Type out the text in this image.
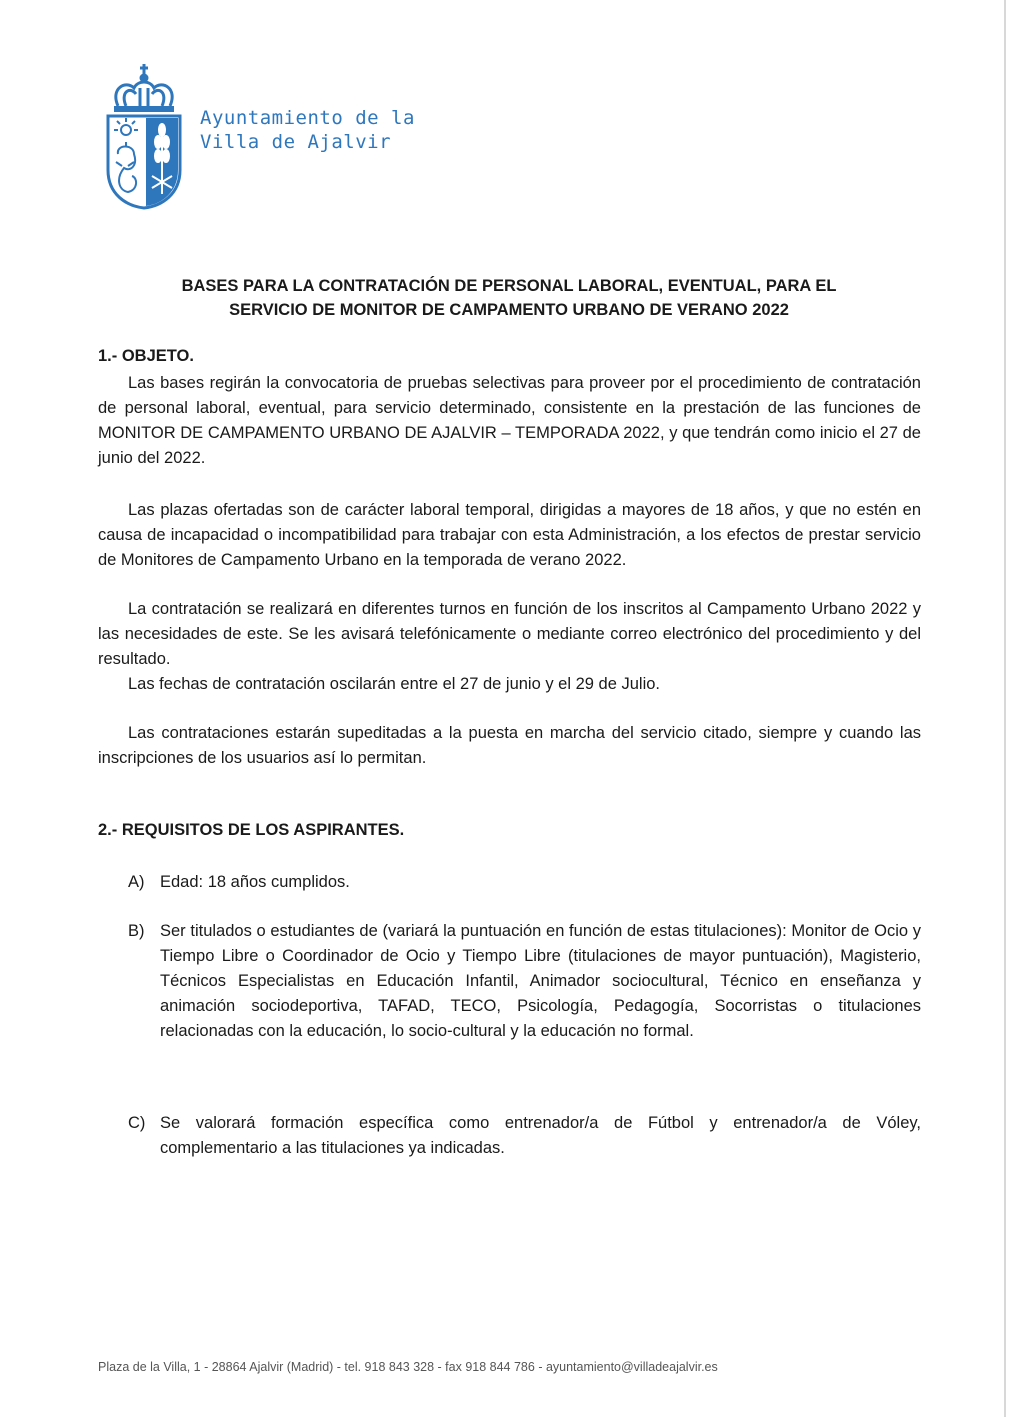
Ayuntamiento de la
Villa de Ajalvir
BASES PARA LA CONTRATACIÓN DE PERSONAL LABORAL, EVENTUAL, PARA EL
SERVICIO DE MONITOR DE CAMPAMENTO URBANO DE VERANO 2022
1.- OBJETO.

Las bases regirán la convocatoria de pruebas selectivas para proveer por el procedimiento de contratación de personal laboral, eventual, para servicio determinado, consistente en la prestación de las funciones de MONITOR DE CAMPAMENTO URBANO DE AJALVIR – TEMPORADA 2022, y que tendrán como inicio el 27 de junio del 2022.

Las plazas ofertadas son de carácter laboral temporal, dirigidas a mayores de 18 años, y que no estén en causa de incapacidad o incompatibilidad para trabajar con esta Administración, a los efectos de prestar servicio de Monitores de Campamento Urbano en la temporada de verano 2022.

La contratación se realizará en diferentes turnos en función de los inscritos al Campamento Urbano 2022 y las necesidades de este. Se les avisará telefónicamente o mediante correo electrónico del procedimiento y del resultado.

Las fechas de contratación oscilarán entre el 27 de junio y el 29 de Julio.

Las contrataciones estarán supeditadas a la puesta en marcha del servicio citado, siempre y cuando las inscripciones de los usuarios así lo permitan.

2.- REQUISITOS DE LOS ASPIRANTES.
A) Edad: 18 años cumplidos.
B) Ser titulados o estudiantes de (variará la puntuación en función de estas titulaciones): Monitor de Ocio y Tiempo Libre o Coordinador de Ocio y Tiempo Libre (titulaciones de mayor puntuación), Magisterio, Técnicos Especialistas en Educación Infantil, Animador sociocultural, Técnico en enseñanza y animación sociodeportiva, TAFAD, TECO, Psicología, Pedagogía, Socorristas o titulaciones relacionadas con la educación, lo socio-cultural y la educación no formal.
C) Se valorará formación específica como entrenador/a de Fútbol y entrenador/a de Vóley, complementario a las titulaciones ya indicadas.
Plaza de la Villa, 1 - 28864 Ajalvir (Madrid) - tel. 918 843 328 - fax 918 844 786 - ayuntamiento@villadeajalvir.es
